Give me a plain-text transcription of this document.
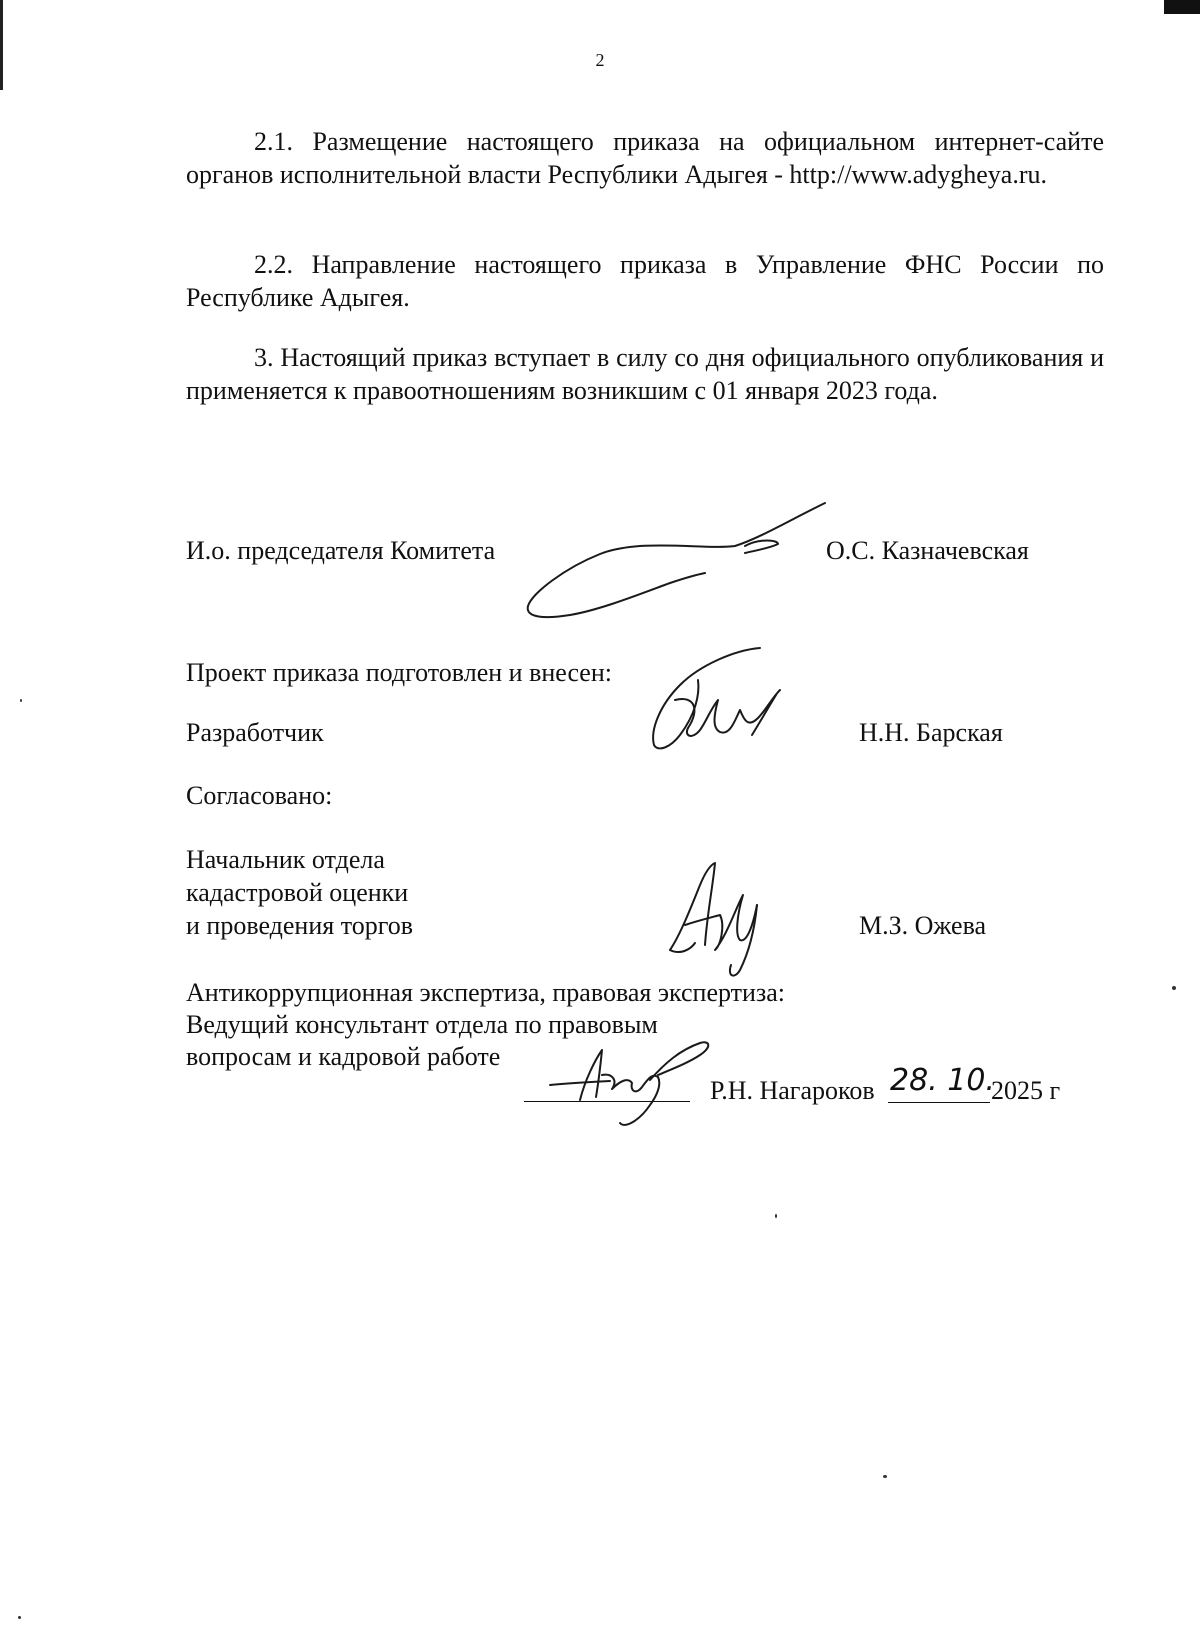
2

2.1. Размещение настоящего приказа на официальном интернет-сайте органов исполнительной власти Республики Адыгея - http://www.adygheya.ru.

2.2. Направление настоящего приказа в Управление ФНС России по Республике Адыгея.

3. Настоящий приказ вступает в силу со дня официального опубликования и применяется к правоотношениям возникшим с 01 января 2023 года.

И.о. председателя Комитета	О.С. Казначевская
Проект приказа подготовлен и внесен:
Разработчик	Н.Н. Барская
Согласовано:
Начальник отдела
кадастровой оценки
и проведения торгов	М.З. Ожева
Антикоррупционная экспертиза, правовая экспертиза:
Ведущий консультант отдела по правовым
вопросам и кадровой работе
Р.Н. Нагароков 28. 10.
2025 г
